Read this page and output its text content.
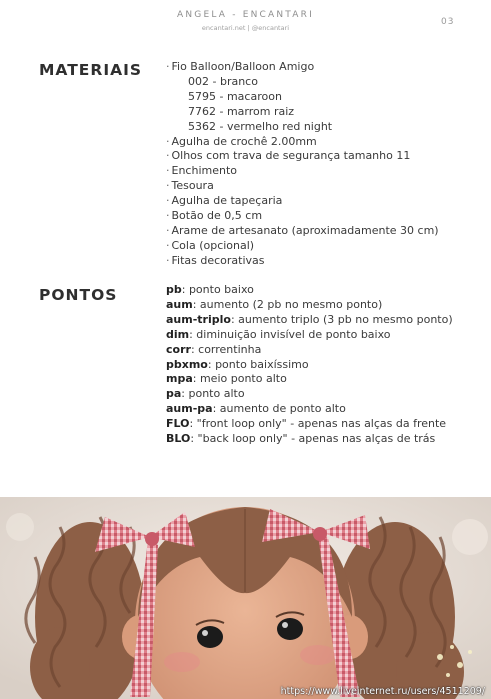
ANGELA - ENCANTARI
encantari.net | @encantari
03
MATERIAIS · Fio Balloon/Balloon Amigo
002 - branco
5795 - macaroon
7762 - marrom raiz
5362 - vermelho red night
· Agulha de crochê 2.00mm
· Olhos com trava de segurança tamanho 11
· Enchimento
· Tesoura
· Agulha de tapeçaria
· Botão de 0,5 cm
· Arame de artesanato (aproximadamente 30 cm)
· Cola (opcional)
· Fitas decorativas
PONTOS	pb: ponto baixo
aum: aumento (2 pb no mesmo ponto)
aum-triplo: aumento triplo (3 pb no mesmo ponto)
dim: diminuição invisível de ponto baixo
corr: correntinha
pbxmo: ponto baixíssimo
mpa: meio ponto alto
pa: ponto alto
aum-pa: aumento de ponto alto
FLO: "front loop only" - apenas nas alças da frente
BLO: "back loop only" - apenas nas alças de trás
https://www.liveinternet.ru/users/4511209/
